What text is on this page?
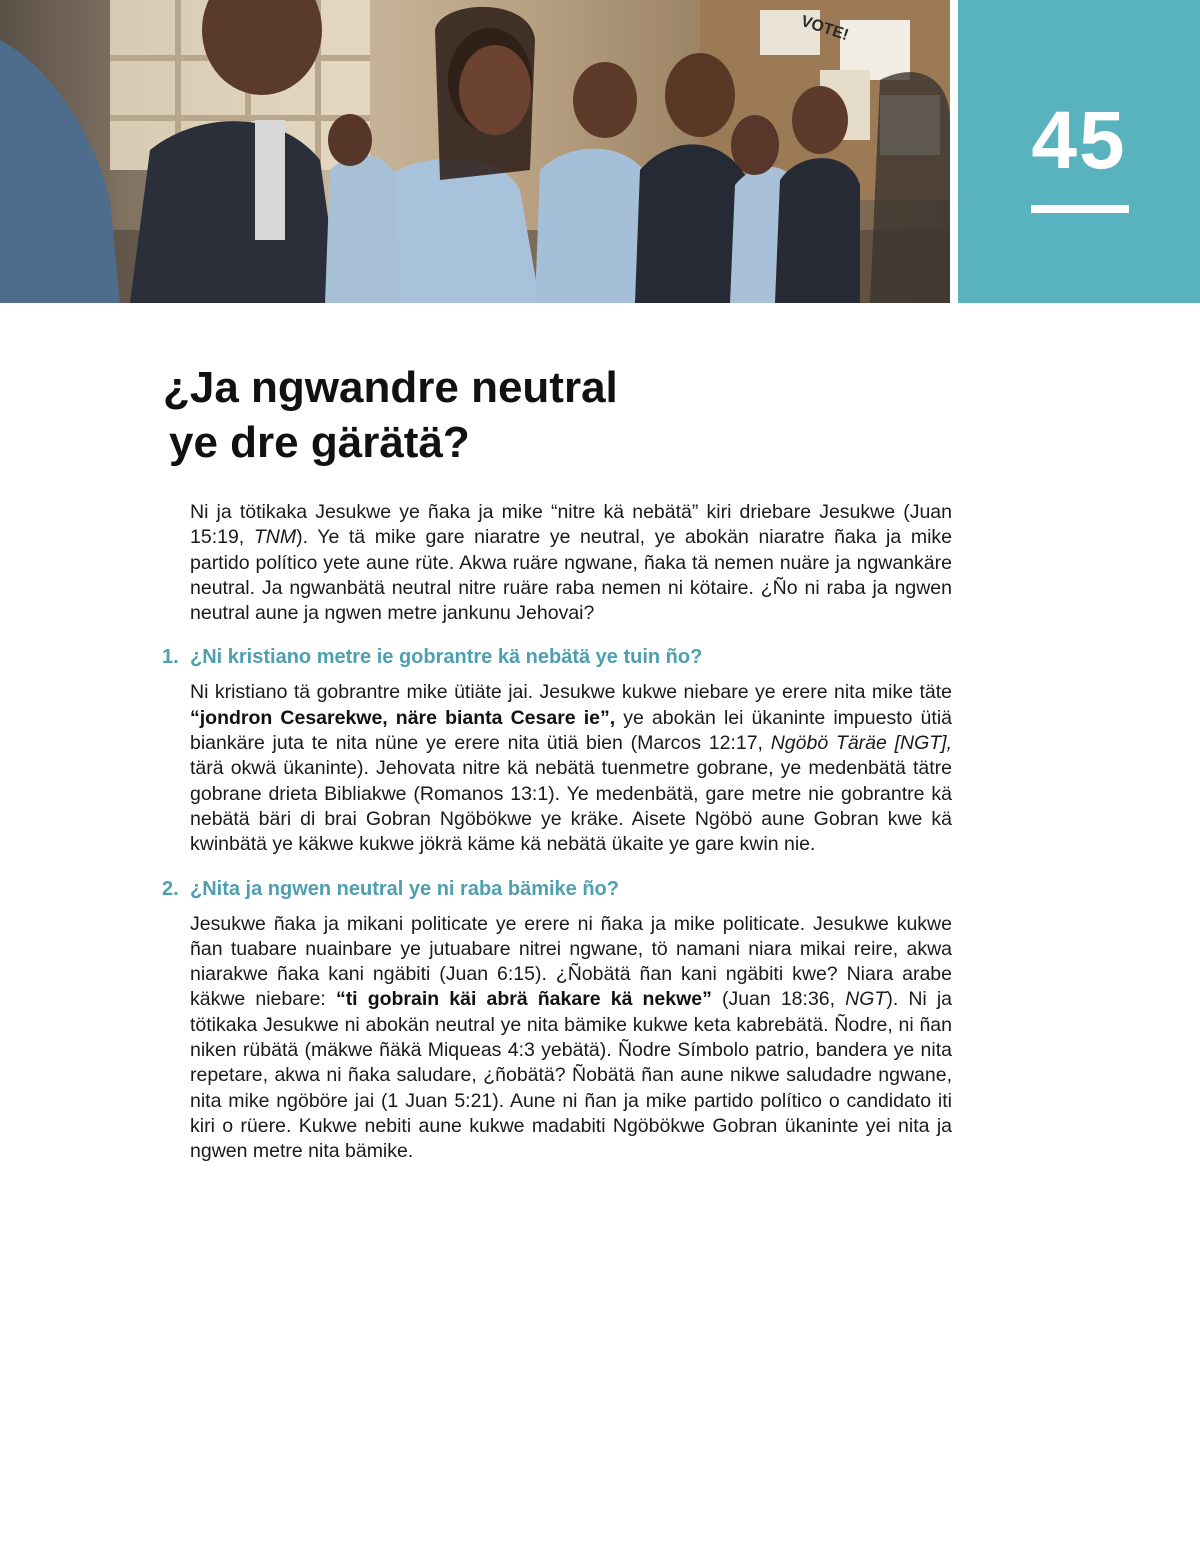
VOTE!
45
¿Ja ngwandre neutral
ye dre gärätä?

Ni ja tötikaka Jesukwe ye ñaka ja mike “nitre kä nebätä” kiri driebare Jesukwe (Juan 15:19, TNM). Ye tä mike gare niaratre ye neutral, ye abokän niaratre ñaka ja mike partido político yete aune rüte. Akwa ruäre ngwane, ñaka tä nemen nuäre ja ngwankäre neutral. Ja ngwanbätä neutral nitre ruäre raba nemen ni kötaire. ¿Ño ni raba ja ngwen neutral aune ja ngwen metre jankunu Jehovai?

1. ¿Ni kristiano metre ie gobrantre kä nebätä ye tuin ño?

Ni kristiano tä gobrantre mike ütiäte jai. Jesukwe kukwe niebare ye erere nita mike täte “jondron Cesarekwe, näre bianta Cesare ie”, ye abokän lei ükaninte impuesto ütiä biankäre juta te nita nüne ye erere nita ütiä bien (Marcos 12:17, Ngöbö Täräe [NGT], tärä okwä ükaninte). Jehovata nitre kä nebätä tuenmetre gobrane, ye medenbätä tätre gobrane drieta Bibliakwe (Romanos 13:1). Ye medenbätä, gare metre nie gobrantre kä nebätä bäri di brai Gobran Ngöbökwe ye kräke. Aisete Ngöbö aune Gobran kwe kä kwinbätä ye käkwe kukwe jökrä käme kä nebätä ükaite ye gare kwin nie.

2. ¿Nita ja ngwen neutral ye ni raba bämike ño?

Jesukwe ñaka ja mikani politicate ye erere ni ñaka ja mike politicate. Jesukwe kukwe ñan tuabare nuainbare ye jutuabare nitrei ngwane, tö namani niara mikai reire, akwa niarakwe ñaka kani ngäbiti (Juan 6:15). ¿Ñobätä ñan kani ngäbiti kwe? Niara arabe käkwe niebare: “ti gobrain käi abrä ñakare kä nekwe” (Juan 18:36, NGT). Ni ja tötikaka Jesukwe ni abokän neutral ye nita bämike kukwe keta kabrebätä. Ñodre, ni ñan niken rübätä (mäkwe ñäkä Miqueas 4:3 yebätä). Ñodre Símbolo patrio, bandera ye nita repetare, akwa ni ñaka saludare, ¿ñobätä? Ñobätä ñan aune nikwe saludadre ngwane, nita mike ngöböre jai (1 Juan 5:21). Aune ni ñan ja mike partido político o candidato iti kiri o rüere. Kukwe nebiti aune kukwe madabiti Ngöbökwe Gobran ükaninte yei nita ja ngwen metre nita bämike.
